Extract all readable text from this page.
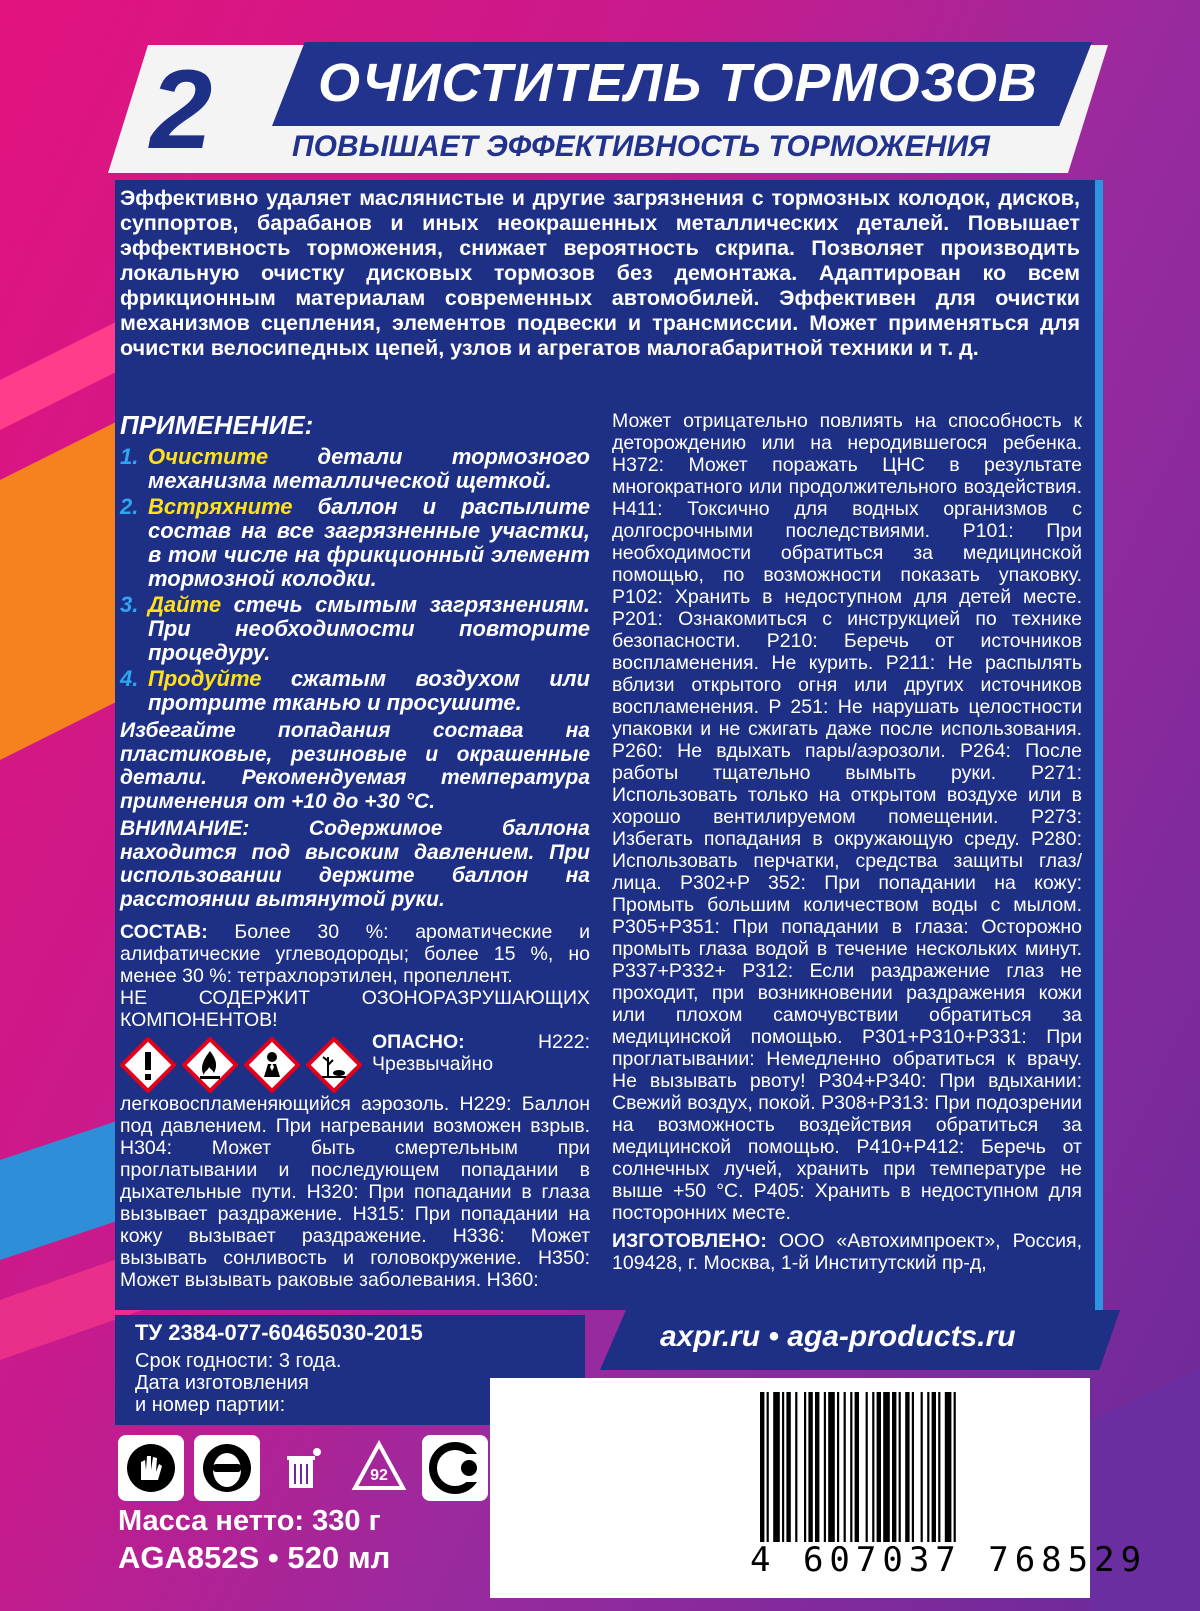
2 ОЧИСТИТЕЛЬ ТОРМОЗОВ
ПОВЫШАЕТ ЭФФЕКТИВНОСТЬ ТОРМОЖЕНИЯ
Эффективно удаляет маслянистые и другие загрязнения с тормозных колодок, дисков, суппортов, барабанов и иных неокрашенных металлических деталей. Повышает эффективность торможения, снижает вероятность скрипа. Позволяет производить локальную очистку дисковых тормозов без демонтажа. Адаптирован ко всем фрикционным материалам современных автомобилей. Эффективен для очистки механизмов сцепления, элементов подвески и трансмиссии. Может применяться для очистки велосипедных цепей, узлов и агрегатов малогабаритной техники и т. д.
ПРИМЕНЕНИЕ:
1. Очистите детали тормозного механизма металлической щеткой.
2. Встряхните баллон и распылите состав на все загрязненные участки, в том числе на фрикционный элемент тормозной колодки.
3. Дайте стечь смытым загрязнениям. При необходимости повторите процедуру.
4. Продуйте сжатым воздухом или протрите тканью и просушите.
Избегайте попадания состава на пластиковые, резиновые и окрашенные детали. Рекомендуемая температура применения от +10 до +30 °С.
ВНИМАНИЕ: Содержимое баллона находится под высоким давлением. При использовании держите баллон на расстоянии вытянутой руки.
СОСТАВ: Более 30 %: ароматические и алифатические углеводороды; более 15 %, но менее 30 %: тетрахлорэтилен, пропеллент.
НЕ СОДЕРЖИТ ОЗОНОРАЗРУШАЮЩИХ КОМПОНЕНТОВ!
ОПАСНО: H222: Чрезвычайно легковоспламеняющийся аэрозоль. H229: Баллон под давлением. При нагревании возможен взрыв. H304: Может быть смертельным при проглатывании и последующем попадании в дыхательные пути. H320: При попадании в глаза вызывает раздражение. H315: При попадании на кожу вызывает раздражение. H336: Может вызывать сонливость и головокружение. H350: Может вызывать раковые заболевания. H360:
Может отрицательно повлиять на способность к деторождению или на неродившегося ребенка. H372: Может поражать ЦНС в результате многократного или продолжительного воздействия. H411: Токсично для водных организмов с долгосрочными последствиями. P101: При необходимости обратиться за медицинской помощью, по возможности показать упаковку. P102: Хранить в недоступном для детей месте. P201: Ознакомиться с инструкцией по технике безопасности. P210: Беречь от источников воспламенения. Не курить. P211: Не распылять вблизи открытого огня или других источников воспламенения. P 251: Не нарушать целостности упаковки и не сжигать даже после использования. P260: Не вдыхать пары/аэрозоли. P264: После работы тщательно вымыть руки. P271: Использовать только на открытом воздухе или в хорошо вентилируемом помещении. P273: Избегать попадания в окружающую среду. P280: Использовать перчатки, средства защиты глаз/лица. P302+P 352: При попадании на кожу: Промыть большим количеством воды с мылом. P305+P351: При попадании в глаза: Осторожно промыть глаза водой в течение нескольких минут. P337+P332+ P312: Если раздражение глаз не проходит, при возникновении раздражения кожи или плохом самочувствии обратиться за медицинской помощью. P301+P310+P331: При проглатывании: Немедленно обратиться к врачу. Не вызывать рвоту! P304+P340: При вдыхании: Свежий воздух, покой. P308+P313: При подозрении на возможность воздействия обратиться за медицинской помощью. P410+P412: Беречь от солнечных лучей, хранить при температуре не выше +50 °С. P405: Хранить в недоступном для посторонних месте.
ИЗГОТОВЛЕНО: ООО «Автохимпроект», Россия, 109428, г. Москва, 1-й Институтский пр-д,
ТУ 2384-077-60465030-2015
Срок годности: 3 года.
Дата изготовления
и номер партии:
axpr.ru • aga-products.ru
4 607037 768529
92
Масса нетто: 330 г
AGA852S • 520 мл
